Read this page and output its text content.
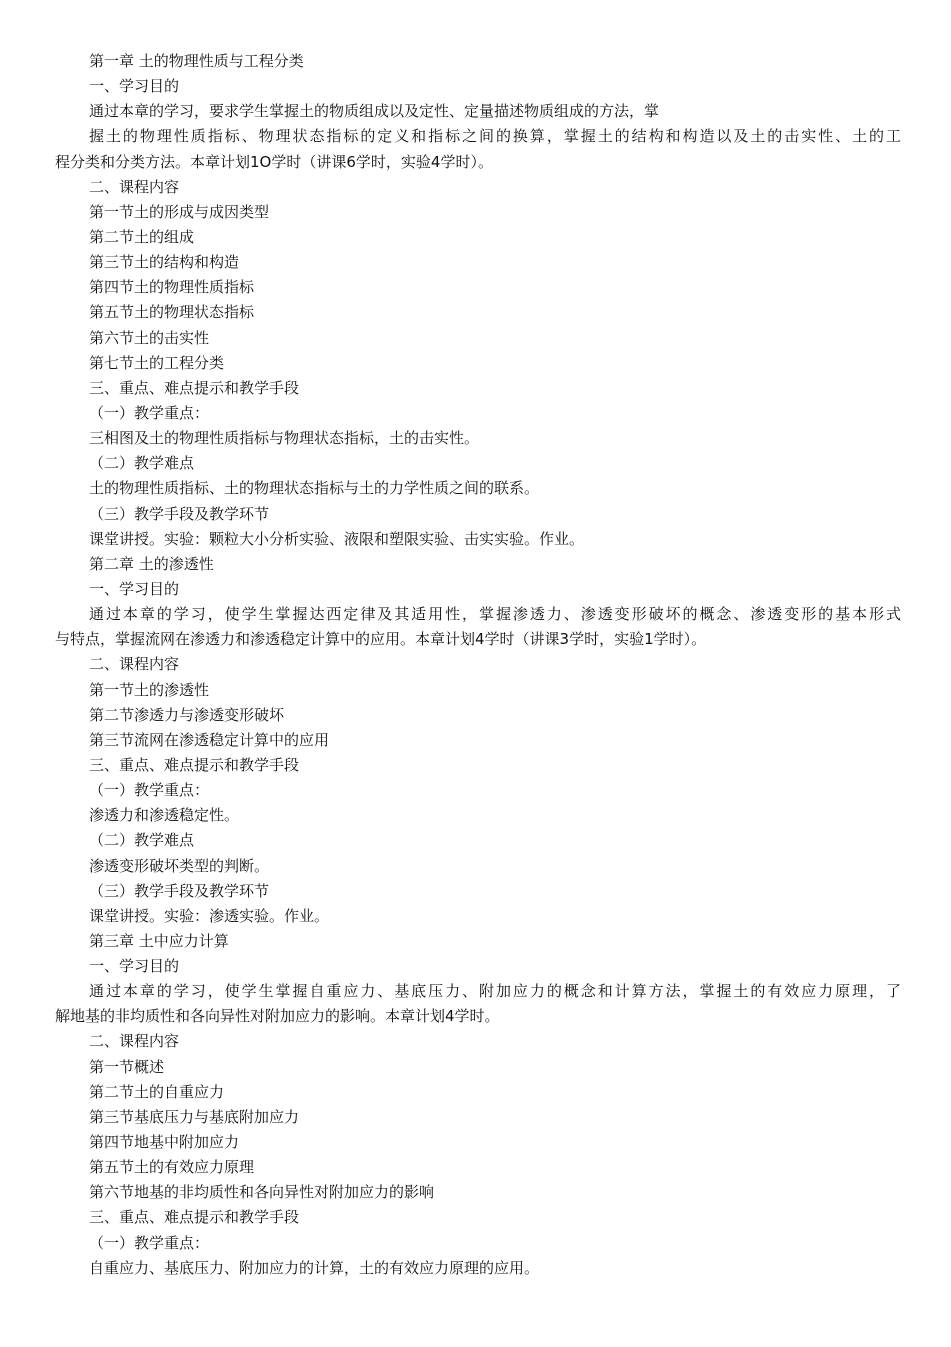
第一章 土的物理性质与工程分类
一、学习目的
通过本章的学习，要求学生掌握土的物质组成以及定性、定量描述物质组成的方法，掌
握土的物理性质指标、物理状态指标的定义和指标之间的换算，掌握土的结构和构造以及土的击实性、土的工
程分类和分类方法。本章计划1O学时（讲课6学时，实验4学时）。
二、课程内容
第一节土的形成与成因类型
第二节土的组成
第三节土的结构和构造
第四节土的物理性质指标
第五节土的物理状态指标
第六节土的击实性
第七节土的工程分类
三、重点、难点提示和教学手段
（一）教学重点：
三相图及土的物理性质指标与物理状态指标，土的击实性。
（二）教学难点
土的物理性质指标、土的物理状态指标与土的力学性质之间的联系。
（三）教学手段及教学环节
课堂讲授。实验：颗粒大小分析实验、液限和塑限实验、击实实验。作业。
第二章 土的渗透性
一、学习目的
通过本章的学习，使学生掌握达西定律及其适用性，掌握渗透力、渗透变形破坏的概念、渗透变形的基本形式
与特点，掌握流网在渗透力和渗透稳定计算中的应用。本章计划4学时（讲课3学时，实验1学时）。
二、课程内容
第一节土的渗透性
第二节渗透力与渗透变形破坏
第三节流网在渗透稳定计算中的应用
三、重点、难点提示和教学手段
（一）教学重点：
渗透力和渗透稳定性。
（二）教学难点
渗透变形破坏类型的判断。
（三）教学手段及教学环节
课堂讲授。实验：渗透实验。作业。
第三章 土中应力计算
一、学习目的
通过本章的学习，使学生掌握自重应力、基底压力、附加应力的概念和计算方法，掌握土的有效应力原理，了
解地基的非均质性和各向异性对附加应力的影响。本章计划4学时。
二、课程内容
第一节概述
第二节土的自重应力
第三节基底压力与基底附加应力
第四节地基中附加应力
第五节土的有效应力原理
第六节地基的非均质性和各向异性对附加应力的影响
三、重点、难点提示和教学手段
（一）教学重点：
自重应力、基底压力、附加应力的计算，土的有效应力原理的应用。
